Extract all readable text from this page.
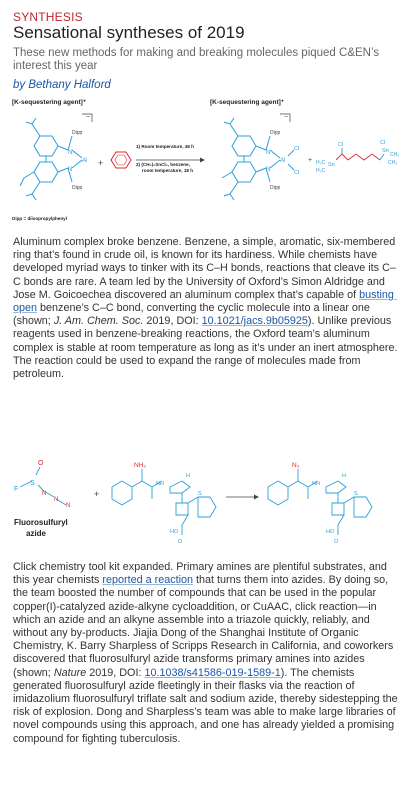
SYNTHESIS
Sensational syntheses of 2019
These new methods for making and breaking molecules piqued C&EN’s interest this year
by Bethany Halford
[K-sequestering agent]⁺	[K-sequestering agent]⁺
N
N
Al
Dipp
Dipp
−
+
1) Room temperature, 48 h
2) (CH₃)₂SnCl₂, benzene,
room temperature, 18 h
Dipp = diisopropylphenyl
N
N
Al
Cl
Cl
Dipp
Dipp
−
+ H₃C
H₃C
Sn
Cl
Sn
Cl
CH₃
CH₃

Aluminum complex broke benzene. Benzene, a simple, aromatic, six-membered ring that’s found in crude oil, is known for its hardiness. While chemists have developed myriad ways to tinker with its C–H bonds, reactions that cleave its C–C bonds are rare. A team led by the University of Oxford’s Simon Aldridge and Jose M. Goicoechea discovered an aluminum complex that’s capable of busting open benzene’s C–C bond, converting the cyclic molecule into a linear one (shown; J. Am. Chem. Soc. 2019, DOI: 10.1021/jacs.9b05925). Unlike previous reagents used in benzene-breaking reactions, the Oxford team’s aluminum complex is stable at room temperature as long as it’s under an inert atmosphere. The reaction could be used to expand the range of molecules made from petroleum.

F
S
O
N
N
N
Fluorosulfuryl
azide
+
NH₂
NH
S
H
HO
O
N₃
NH
S
H
HO
O

Click chemistry tool kit expanded. Primary amines are plentiful substrates, and this year chemists reported a reaction that turns them into azides. By doing so, the team boosted the number of compounds that can be used in the popular copper(I)-catalyzed azide-alkyne cycloaddition, or CuAAC, click reaction—in which an azide and an alkyne assemble into a triazole quickly, reliably, and without any by-products. Jiajia Dong of the Shanghai Institute of Organic Chemistry, K. Barry Sharpless of Scripps Research in California, and coworkers discovered that fluorosulfuryl azide transforms primary amines into azides (shown; Nature 2019, DOI: 10.1038/s41586-019-1589-1). The chemists generated fluorosulfuryl azide fleetingly in their flasks via the reaction of imidazolium fluorosulfuryl triflate salt and sodium azide, thereby sidestepping the risk of explosion. Dong and Sharpless’s team was able to make large libraries of novel compounds using this approach, and one has already yielded a promising compound for fighting tuberculosis.
